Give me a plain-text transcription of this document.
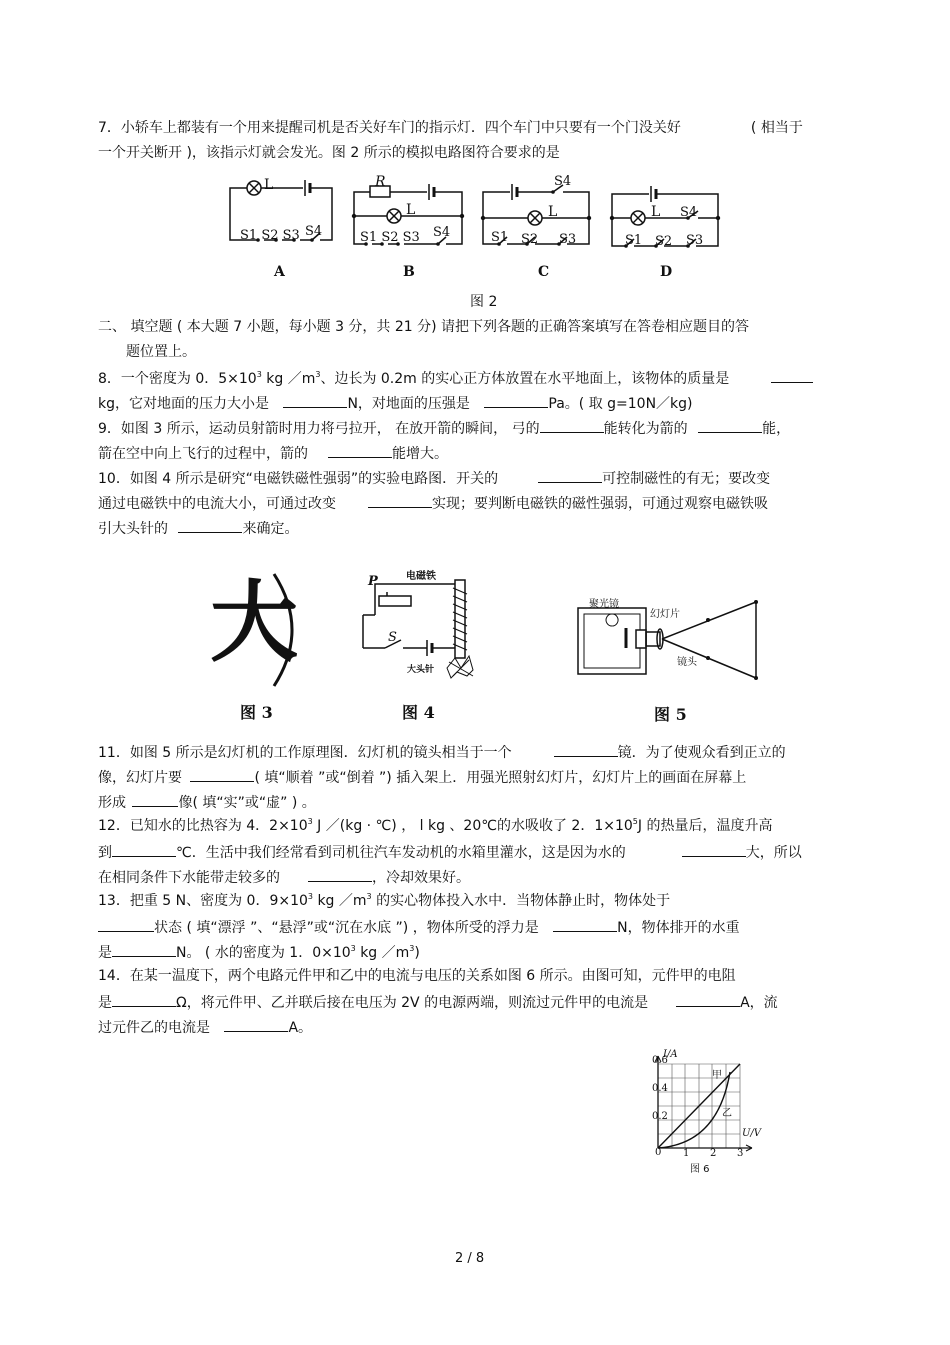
7．小轿车上都装有一个用来提醒司机是否关好车门的指示灯．四个车门中只要有一个门没关好	( 相当于
一个开关断开 )，该指示灯就会发光。图 2 所示的模拟电路图符合要求的是
L
S1 S2 S3 S4
A
R
L
S1 S2 S3 S4
B
S4
L
S1 S2 S3
C
L S4
S1 S2 S3
D
图 2
二、 填空题 ( 本大题 7 小题，每小题 3 分，共 21 分) 请把下列各题的正确答案填写在答卷相应题目的答
题位置上。
8．一个密度为 0．$5\times 10^3$ kg $/m^3$、边长为 0.2m 的实心正方体放置在水平地面上，该物体的质量是
kg，它对地面的压力大小是	N，对地面的压强是	Pa。( 取 g=10N／kg)
9．如图 3 所示，运动员射箭时用力将弓拉开， 在放开箭的瞬间， 弓的	能转化为箭的	能，
箭在空中向上飞行的过程中，箭的	能增大。
10．如图 4 所示是研究“电磁铁磁性强弱”的实验电路图．开关的	可控制磁性的有无；要改变
通过电磁铁中的电流大小，可通过改变	实现；要判断电磁铁的磁性强弱，可通过观察电磁铁吸
引大头针的	来确定。
大
图 3
P	电磁铁
S
大头针
图 4
聚光镜
幻灯片
镜头
图 5
11．如图 5 所示是幻灯机的工作原理图．幻灯机的镜头相当于一个	镜．为了使观众看到正立的
像，幻灯片要	( 填“顺着 ”或“倒着 ”) 插入架上．用强光照射幻灯片，幻灯片上的画面在屏幕上
形成	像( 填“实”或“虚” ) 。
12．已知水的比热容为 4．$2\times 10^3$ J ／(kg · ℃) ， l kg 、20℃的水吸收了 2．$1\times 10^5J$ 的热量后，温度升高
到	℃．生活中我们经常看到司机往汽车发动机的水箱里灌水，这是因为水的	大，所以
在相同条件下水能带走较多的	，冷却效果好。
13．把重 5 N、密度为 0．$9\times 10^3$ kg $/m^3$ 的实心物体投入水中．当物体静止时，物体处于
状态 ( 填“漂浮 ”、“悬浮”或“沉在水底 ”) ，物体所受的浮力是	N，物体排开的水重
是	N。 ( 水的密度为 1．$0\times 10^3$ kg $/m^3$)
14．在某一温度下，两个电路元件甲和乙中的电流与电压的关系如图 6 所示。由图可知，元件甲的电阻
是	Ω，将元件甲、乙并联后接在电压为 2V 的电源两端，则流过元件甲的电流是	A，流
过元件乙的电流是	A。
0.6
0.4
0.2
I/A
U/V
0 1 2 3
甲
乙
图 6
2 / 8
